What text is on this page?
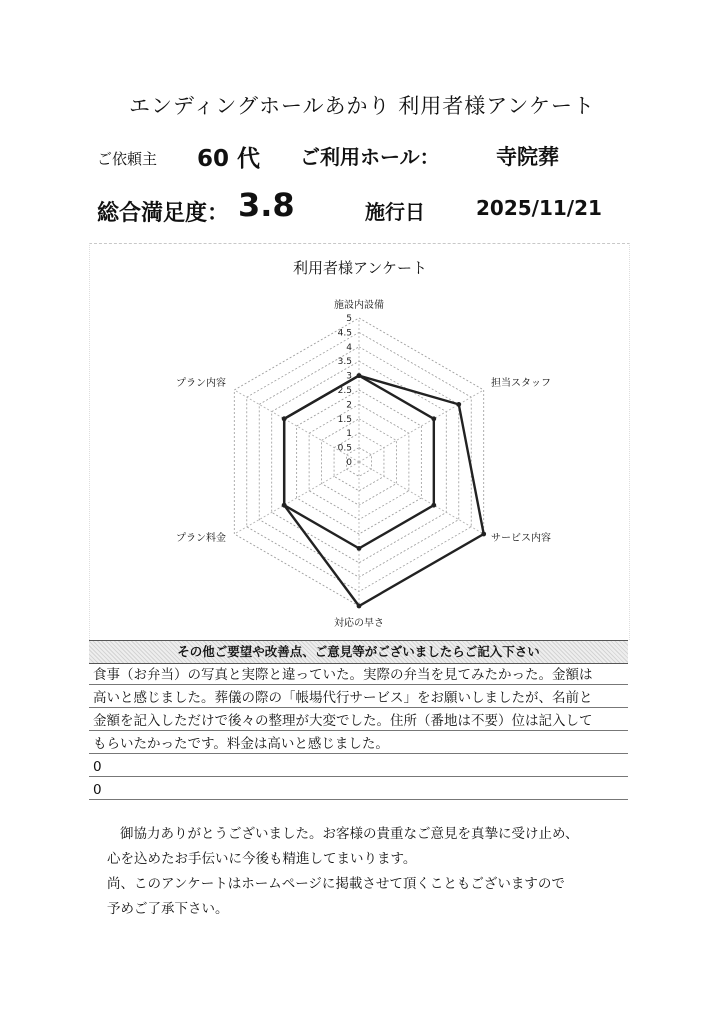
エンディングホールあかり 利用者様アンケート
ご依頼主 60 代 ご利用ホール：	寺院葬
総合満足度： 3.8	施行日	2025/11/21
利用者様アンケート
0
0.5
1
1.5
2
2.5
3
3.5
4
4.5
5
施設内設備
担当スタッフ
サービス内容
対応の早さ
プラン料金
プラン内容
その他ご要望や改善点、ご意見等がございましたらご記入下さい
食事（お弁当）の写真と実際と違っていた。実際の弁当を見てみたかった。金額は
高いと感じました。葬儀の際の「帳場代行サービス」をお願いしましたが、名前と
金額を記入しただけで後々の整理が大変でした。住所（番地は不要）位は記入して
もらいたかったです。料金は高いと感じました。
0
0
御協力ありがとうございました。お客様の貴重なご意見を真摯に受け止め、
心を込めたお手伝いに今後も精進してまいります。
尚、このアンケートはホームページに掲載させて頂くこともございますので
予めご了承下さい。
